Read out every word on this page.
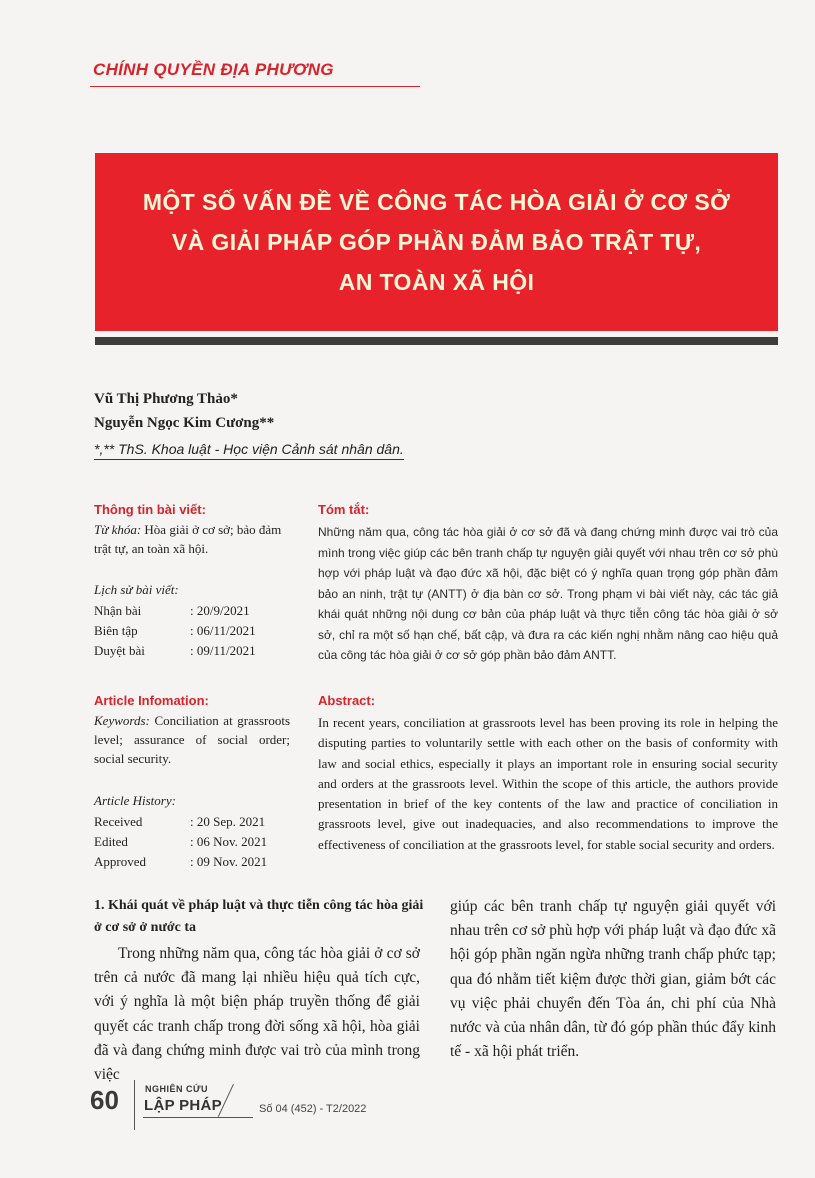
CHÍNH QUYỀN ĐỊA PHƯƠNG
MỘT SỐ VẤN ĐỀ VỀ CÔNG TÁC HÒA GIẢI Ở CƠ SỞ
VÀ GIẢI PHÁP GÓP PHẦN ĐẢM BẢO TRẬT TỰ,
AN TOÀN XÃ HỘI
Vũ Thị Phương Thảo*
Nguyễn Ngọc Kim Cương**
*,** ThS. Khoa luật - Học viện Cảnh sát nhân dân.
Thông tin bài viết:
Từ khóa: Hòa giải ở cơ sở; bảo đảm trật tự, an toàn xã hội.
Lịch sử bài viết:
Nhận bài	: 20/9/2021
Biên tập	: 06/11/2021
Duyệt bài	: 09/11/2021
Article Infomation:
Keywords: Conciliation at grassroots level; assurance of social order; social security.
Article History:
Received	: 20 Sep. 2021
Edited	: 06 Nov. 2021
Approved	: 09 Nov. 2021
Tóm tắt:
Những năm qua, công tác hòa giải ở cơ sở đã và đang chứng minh được vai trò của mình trong việc giúp các bên tranh chấp tự nguyện giải quyết với nhau trên cơ sở phù hợp với pháp luật và đạo đức xã hội, đặc biệt có ý nghĩa quan trọng góp phần đảm bảo an ninh, trật tự (ANTT) ở địa bàn cơ sở. Trong phạm vi bài viết này, các tác giả khái quát những nội dung cơ bản của pháp luật và thực tiễn công tác hòa giải ở sở sở, chỉ ra một số hạn chế, bất cập, và đưa ra các kiến nghị nhằm nâng cao hiệu quả của công tác hòa giải ở cơ sở góp phần bảo đảm ANTT.
Abstract:
In recent years, conciliation at grassroots level has been proving its role in helping the disputing parties to voluntarily settle with each other on the basis of conformity with law and social ethics, especially it plays an important role in ensuring social security and orders at the grassroots level. Within the scope of this article, the authors provide presentation in brief of the key contents of the law and practice of conciliation in grassroots level, give out inadequacies, and also recommendations to improve the effectiveness of conciliation at the grassroots level, for stable social security and orders.
1. Khái quát về pháp luật và thực tiễn công tác hòa giải ở cơ sở ở nước ta
Trong những năm qua, công tác hòa giải ở cơ sở trên cả nước đã mang lại nhiều hiệu quả tích cực, với ý nghĩa là một biện pháp truyền thống để giải quyết các tranh chấp trong đời sống xã hội, hòa giải đã và đang chứng minh được vai trò của mình trong việc
giúp các bên tranh chấp tự nguyện giải quyết với nhau trên cơ sở phù hợp với pháp luật và đạo đức xã hội góp phần ngăn ngừa những tranh chấp phức tạp; qua đó nhằm tiết kiệm được thời gian, giảm bớt các vụ việc phải chuyển đến Tòa án, chi phí của Nhà nước và của nhân dân, từ đó góp phần thúc đẩy kinh tế - xã hội phát triển.
60	NGHIÊN CỨU
LẬP PHÁP	Số 04 (452) - T2/2022
